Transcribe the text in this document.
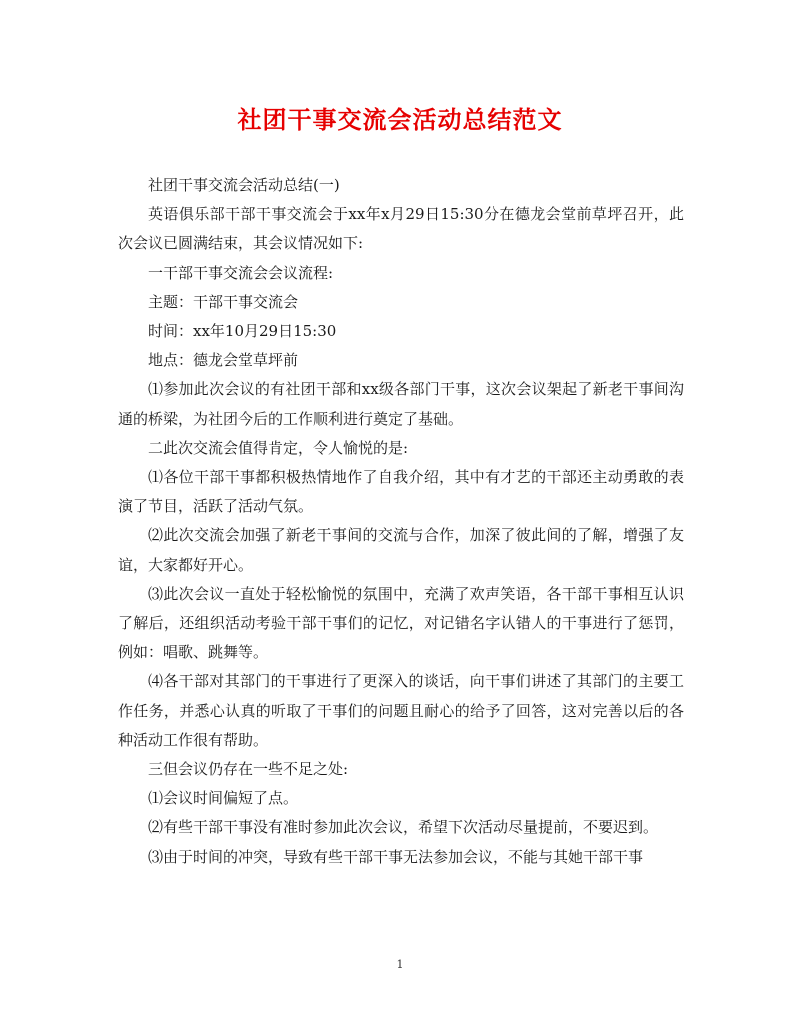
社团干事交流会活动总结范文

社团干事交流会活动总结(一)

英语俱乐部干部干事交流会于xx年x月29日15:30分在德龙会堂前草坪召开，此次会议已圆满结束，其会议情况如下:

一干部干事交流会会议流程:

主题：干部干事交流会

时间：xx年10月29日15:30

地点：德龙会堂草坪前

⑴参加此次会议的有社团干部和xx级各部门干事，这次会议架起了新老干事间沟通的桥梁，为社团今后的工作顺利进行奠定了基础。

二此次交流会值得肯定，令人愉悦的是:

⑴各位干部干事都积极热情地作了自我介绍，其中有才艺的干部还主动勇敢的表演了节目，活跃了活动气氛。

⑵此次交流会加强了新老干事间的交流与合作，加深了彼此间的了解，增强了友谊，大家都好开心。

⑶此次会议一直处于轻松愉悦的氛围中，充满了欢声笑语，各干部干事相互认识了解后，还组织活动考验干部干事们的记忆，对记错名字认错人的干事进行了惩罚，例如：唱歌、跳舞等。

⑷各干部对其部门的干事进行了更深入的谈话，向干事们讲述了其部门的主要工作任务，并悉心认真的听取了干事们的问题且耐心的给予了回答，这对完善以后的各种活动工作很有帮助。

三但会议仍存在一些不足之处:

⑴会议时间偏短了点。

⑵有些干部干事没有准时参加此次会议，希望下次活动尽量提前，不要迟到。

⑶由于时间的冲突，导致有些干部干事无法参加会议，不能与其她干部干事

1
